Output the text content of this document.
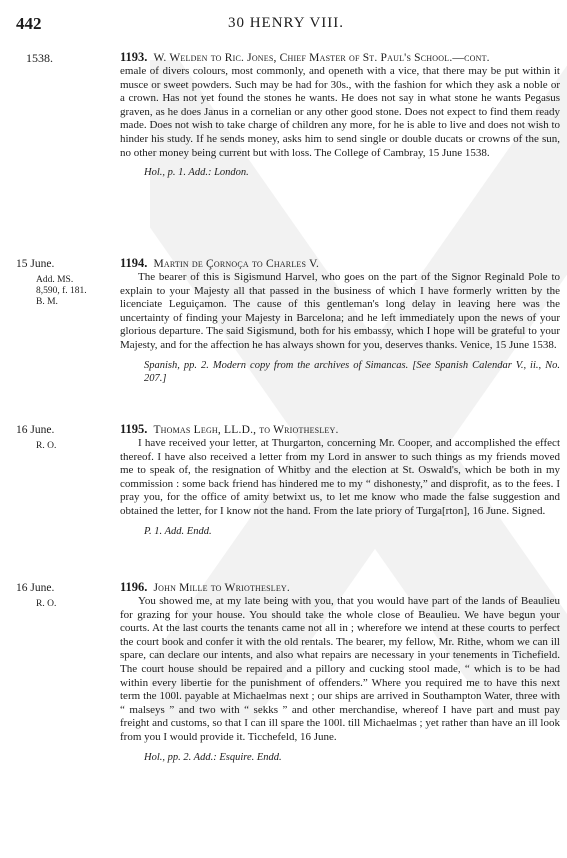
442	30 HENRY VIII.
1538.	1193. W. Welden to Ric. Jones, Chief Master of St. Paul's School.—cont.

emale of divers colours, most commonly, and openeth with a vice, that there may be put within it musce or sweet powders. Such may be had for 30s., with the fashion for which they ask a noble or a crown. Has not yet found the stones he wants. He does not say in what stone he wants Pegasus graven, as he does Janus in a cornelian or any other good stone. Does not expect to find them ready made. Does not wish to take charge of children any more, for he is able to live and does not wish to hinder his study. If he sends money, asks him to send single or double ducats or crowns of the sun, no other money being current but with loss. The College of Cambray, 15 June 1538.

Hol., p. 1. Add.: London.
15 June.
Add. MS.
8,590, f. 181.
B. M.
1194. Martin de Çornoça to Charles V.

The bearer of this is Sigismund Harvel, who goes on the part of the Signor Reginald Pole to explain to your Majesty all that passed in the business of which I have formerly written by the licenciate Leguiçamon. The cause of this gentleman's long delay in leaving here was the uncertainty of finding your Majesty in Barcelona; and he left immediately upon the news of your glorious departure. The said Sigismund, both for his embassy, which I hope will be grateful to your Majesty, and for the affection he has always shown for you, deserves thanks. Venice, 15 June 1538.

Spanish, pp. 2. Modern copy from the archives of Simancas. [See Spanish Calendar V., ii., No. 207.]
16 June.
R. O.
1195. Thomas Legh, LL.D., to Wriothesley.

I have received your letter, at Thurgarton, concerning Mr. Cooper, and accomplished the effect thereof. I have also received a letter from my Lord in answer to such things as my friends moved me to speak of, the resignation of Whitby and the election at St. Oswald's, which be both in my commission : some back friend has hindered me to my “ dishonesty,” and disprofit, as to the fees. I pray you, for the office of amity betwixt us, to let me know who made the false suggestion and obtained the letter, for I know not the hand. From the late priory of Turga[rton], 16 June. Signed.

P. 1. Add. Endd.
16 June.
R. O.
1196. John Mille to Wriothesley.

You showed me, at my late being with you, that you would have part of the lands of Beaulieu for grazing for your house. You should take the whole close of Beaulieu. We have begun your courts. At the last courts the tenants came not all in ; wherefore we intend at these courts to perfect the court book and confer it with the old rentals. The bearer, my fellow, Mr. Rithe, whom we can ill spare, can declare our intents, and also what repairs are necessary in your tenements in Tichefield. The court house should be repaired and a pillory and cucking stool made, “ which is to be had within every libertie for the punishment of offenders.” Where you required me to have this next term the 100l. payable at Michaelmas next ; our ships are arrived in Southampton Water, three with “ malseys ” and two with “ sekks ” and other merchandise, whereof I have part and must pay freight and customs, so that I can ill spare the 100l. till Michaelmas ; yet rather than have an ill look from you I would provide it. Ticchefeld, 16 June.

Hol., pp. 2. Add.: Esquire. Endd.
